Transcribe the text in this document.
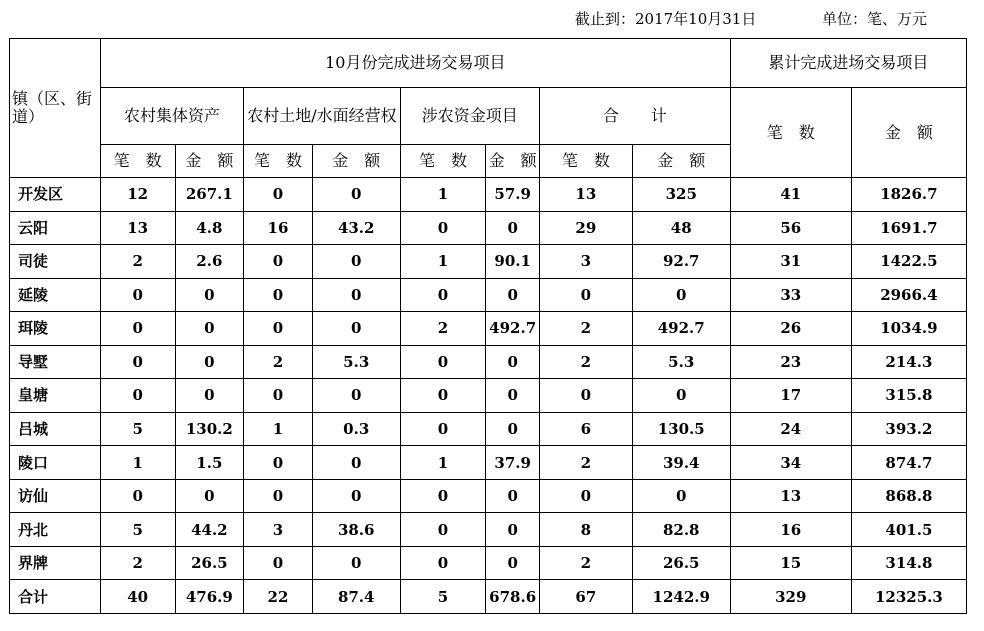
截止到：2017年10月31日	单位：笔、万元
镇（区、街道）	10月份完成进场交易项目								累计完成进场交易项目	
	农村集体资产		农村土地/水面经营权		涉农资金项目		合　　计		笔　数	金　额
	笔　数	金　额	笔　数	金　额	笔　数	金　额	笔　数	金　额		
开发区	12	267.1	0	0	1	57.9	13	325	41	1826.7
云阳	13	4.8	16	43.2	0	0	29	48	56	1691.7
司徒	2	2.6	0	0	1	90.1	3	92.7	31	1422.5
延陵	0	0	0	0	0	0	0	0	33	2966.4
珥陵	0	0	0	0	2	492.7	2	492.7	26	1034.9
导墅	0	0	2	5.3	0	0	2	5.3	23	214.3
皇塘	0	0	0	0	0	0	0	0	17	315.8
吕城	5	130.2	1	0.3	0	0	6	130.5	24	393.2
陵口	1	1.5	0	0	1	37.9	2	39.4	34	874.7
访仙	0	0	0	0	0	0	0	0	13	868.8
丹北	5	44.2	3	38.6	0	0	8	82.8	16	401.5
界牌	2	26.5	0	0	0	0	2	26.5	15	314.8
合计	40	476.9	22	87.4	5	678.6	67	1242.9	329	12325.3
